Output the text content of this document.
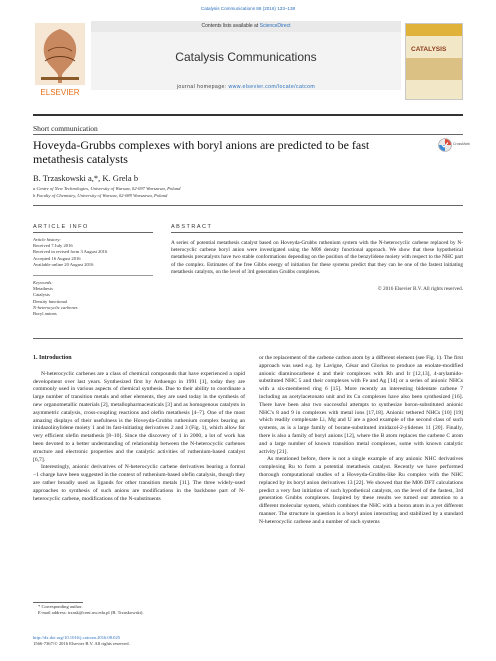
Catalysis Communications 86 (2016) 133–138
ELSEVIER
Contents lists available at ScienceDirect
Catalysis Communications
journal homepage: www.elsevier.com/locate/catcom
CATALYSIS
Short communication
Hoveyda-Grubbs complexes with boryl anions are predicted to be fast metathesis catalysts
CrossMark
B. Trzaskowski a,*, K. Grela b
a Centre of New Technologies, University of Warsaw, 02-097 Warszawa, Poland
b Faculty of Chemistry, University of Warsaw, 02-089 Warszawa, Poland
ARTICLE INFO	ABSTRACT
Article history:
Received 7 July 2016
Received in revised form 3 August 2016
Accepted 16 August 2016
Available online 20 August 2016
Keywords:
Metathesis
Catalysis
Density functional
N-heterocyclic carbenes
Boryl anions
A series of potential metathesis catalyst based on Hoveyda-Grubbs ruthenium system with the N-heterocyclic carbene replaced by N-heterocyclic carbene boryl anion were investigated using the M06 density functional approach. We show that these hypothetical metathesis precatalysts have two stable conformations depending on the position of the benzylidene moiety with respect to the NHC part of the complex. Estimates of the free Gibbs energy of initiation for these systems predict that they can be one of the fastest initiating metathesis catalysts, on the level of 3rd generation Grubbs complexes.
© 2016 Elsevier B.V. All rights reserved.
1. Introduction

N-heterocyclic carbenes are a class of chemical compounds that have experienced a rapid development over last years. Synthesized first by Arduengo in 1991 [1], today they are commonly used in various aspects of chemical synthesis. Due to their ability to coordinate a large number of transition metals and other elements, they are used today in the synthesis of new organometallic materials [2], metallopharmaceuticals [3] and as homogenous catalysts in asymmetric catalysis, cross-coupling reactions and olefin metathesis [4–7]. One of the most amazing displays of their usefulness is the Hoveyda-Grubbs ruthenium complex bearing an imidazolinylidene moiety 1 and its fast-initiating derivatives 2 and 3 (Fig. 1), which allow for very efficient olefin metathesis [8–10]. Since the discovery of 1 in 2000, a lot of work has been devoted to a better understanding of relationship between the N-heterocyclic carbenes structure and electronic properties and the catalytic activities of ruthenium-based catalyst [6,7].

Interestingly, anionic derivatives of N-heterocyclic carbene derivatives bearing a formal −1 charge have been suggested in the context of ruthenium-based olefin catalysis, though they are rather broadly used as ligands for other transition metals [11]. The three widely-used approaches to synthesis of such anions are modifications in the backbone part of N-heterocyclic carbene, modifications of the N-substituents

or the replacement of the carbene carbon atom by a different element (see Fig. 1). The first approach was used e.g. by Lavigne, César and Glorius to produce an enolate-modified anionic diaminocarbene 4 and their complexes with Rh and Ir [12,13], 4-arylamido-substituted NHC 5 and their complexes with Fe and Ag [14] or a series of anionic NHCs with a six-membered ring 6 [15]. More recently an interesting bidentate carbene 7 including an acetylacetonato unit and its Cu complexes have also been synthesized [16]. There have been also two successful attempts to synthesize boron-substituted anionic NHC's 8 and 9 in complexes with metal ions [17,18]. Anionic tethered NHCs [10] [19] which readily complexate Li, Mg and U are a good example of the second class of such systems, as is a large family of borane-substituted imidazol-2-ylidenes 11 [20]. Finally, there is also a family of boryl anions [12], where the B atom replaces the carbene C atom and a large number of known transition metal complexes, some with known catalytic activity [21].

As mentioned before, there is not a single example of any anionic NHC derivatives complexing Ru to form a potential metathesis catalyst. Recently we have performed thorough computational studies of a Hoveyda-Grubbs-like Ru complex with the NHC replaced by its boryl anion derivatives 13 [22]. We showed that the M06 DFT calculations predict a very fast initiation of such hypothetical catalysts, on the level of the fastest, 3rd generation Grubbs complexes. Inspired by these results we turned our attention to a different molecular system, which combines the NHC with a boron atom in a yet different manner. The structure in question is a boryl anion interacting and stabilized by a standard N-heterocyclic carbene and a number of such systems

* Corresponding author.
E-mail address: trzask@cent.uw.edu.pl (B. Trzaskowski).
http://dx.doi.org/10.1016/j.catcom.2016.08.025
1566-7367/© 2016 Elsevier B.V. All rights reserved.
